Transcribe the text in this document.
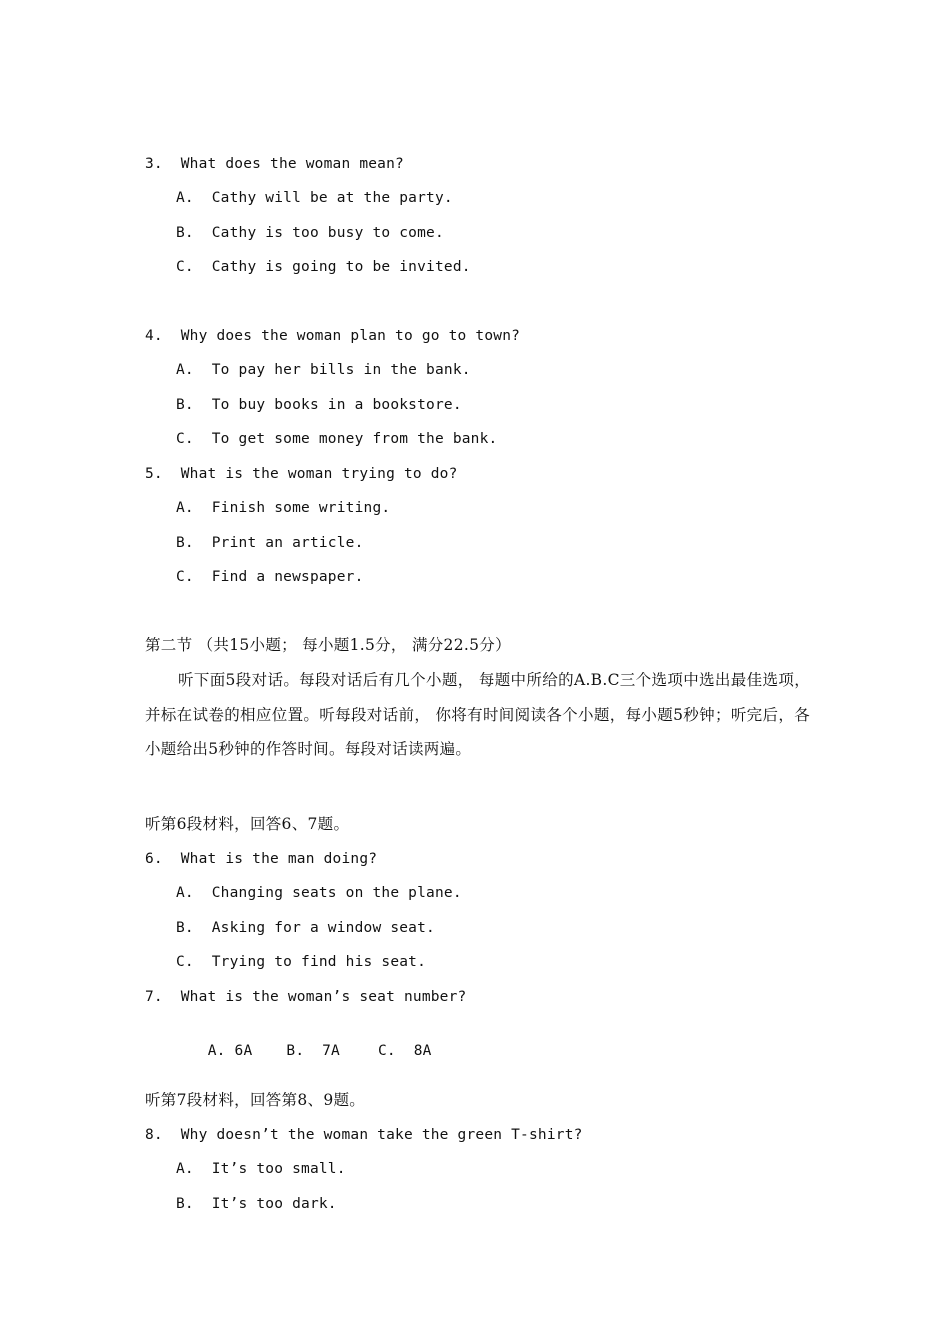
3.  What does the woman mean?
A.  Cathy will be at the party.
B.  Cathy is too busy to come.
C.  Cathy is going to be invited.
4.  Why does the woman plan to go to town?
A.  To pay her bills in the bank.
B.  To buy books in a bookstore.
C.  To get some money from the bank.
5.  What is the woman trying to do?
A.  Finish some writing.
B.  Print an article.
C.  Find a newspaper.
第二节 （共15小题； 每小题1.5分， 满分22.5分）
听下面5段对话。每段对话后有几个小题， 每题中所给的A.B.C三个选项中选出最佳选项，并标在试卷的相应位置。听每段对话前， 你将有时间阅读各个小题，每小题5秒钟；听完后，各小题给出5秒钟的作答时间。每段对话读两遍。
听第6段材料，回答6、7题。
6.  What is the man doing?
A.  Changing seats on the plane.
B.  Asking for a window seat.
C.  Trying to find his seat.
7.  What is the woman’s seat number?

A. 6A B.  7A	C.  8A

听第7段材料，回答第8、9题。
8.  Why doesn’t the woman take the green T-shirt?
A.  It’s too small.
B.  It’s too dark.
